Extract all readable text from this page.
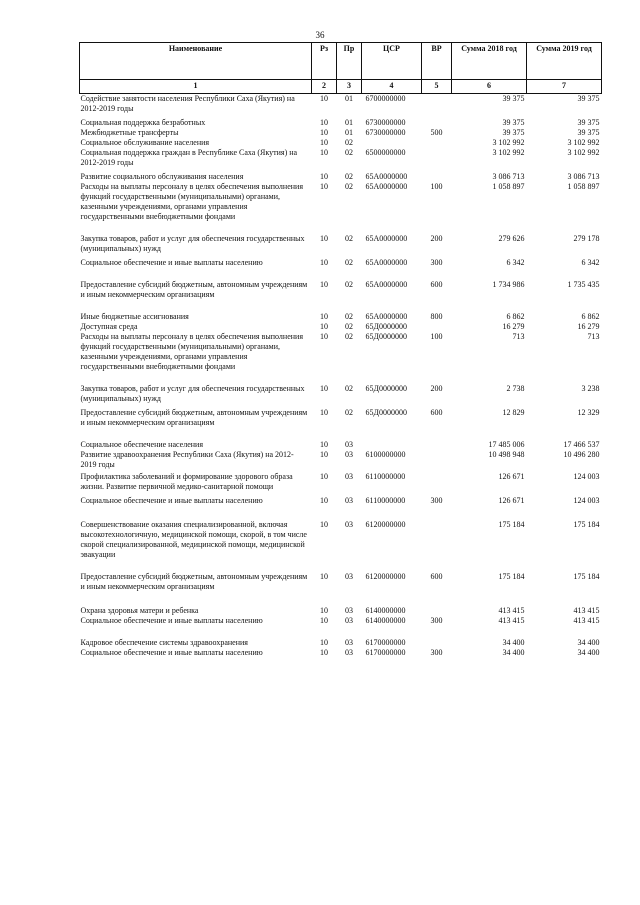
36
Наименование	Рз	Пр	ЦСР	ВР	Сумма 2018 год	Сумма 2019 год
1	2	3	4	5	6	7
Содействие занятости населения Республики Саха (Якутия) на 2012-2019 годы	10	01	6700000000		39 375	39 375
Социальная поддержка безработных	10	01	6730000000		39 375	39 375
Межбюджетные трансферты	10	01	6730000000	500	39 375	39 375
Социальное обслуживание населения	10	02			3 102 992	3 102 992
Социальная поддержка граждан в Республике Саха (Якутия) на 2012-2019 годы	10	02	6500000000		3 102 992	3 102 992
Развитие социального обслуживания населения	10	02	65А0000000		3 086 713	3 086 713
Расходы на выплаты персоналу в целях обеспечения выполнения функций государственными (муниципальными) органами, казенными учреждениями, органами управления государственными внебюджетными фондами	10	02	65А0000000	100	1 058 897	1 058 897
Закупка товаров, работ и услуг для обеспечения государственных (муниципальных) нужд	10	02	65А0000000	200	279 626	279 178
Социальное обеспечение и иные выплаты населению	10	02	65А0000000	300	6 342	6 342
Предоставление субсидий бюджетным, автономным учреждениям и иным некоммерческим организациям	10	02	65А0000000	600	1 734 986	1 735 435
Иные бюджетные ассигнования	10	02	65А0000000	800	6 862	6 862
Доступная среда	10	02	65Д0000000		16 279	16 279
Расходы на выплаты персоналу в целях обеспечения выполнения функций государственными (муниципальными) органами, казенными учреждениями, органами управления государственными внебюджетными фондами	10	02	65Д0000000	100	713	713
Закупка товаров, работ и услуг для обеспечения государственных (муниципальных) нужд	10	02	65Д0000000	200	2 738	3 238
Предоставление субсидий бюджетным, автономным учреждениям и иным некоммерческим организациям	10	02	65Д0000000	600	12 829	12 329
Социальное обеспечение населения	10	03			17 485 006	17 466 537
Развитие здравоохранения Республики Саха (Якутия) на 2012-2019 годы	10	03	6100000000		10 498 948	10 496 280
Профилактика заболеваний и формирование здорового образа жизни. Развитие первичной медико-санитарной помощи	10	03	6110000000		126 671	124 003
Социальное обеспечение и иные выплаты населению	10	03	6110000000	300	126 671	124 003
Совершенствование оказания специализированной, включая высокотехнологичную, медицинской помощи, скорой, в том числе скорой специализированной, медицинской помощи, медицинской эвакуации	10	03	6120000000		175 184	175 184
Предоставление субсидий бюджетным, автономным учреждениям и иным некоммерческим организациям	10	03	6120000000	600	175 184	175 184
Охрана здоровья матери и ребенка	10	03	6140000000		413 415	413 415
Социальное обеспечение и иные выплаты населению	10	03	6140000000	300	413 415	413 415
Кадровое обеспечение системы здравоохранения	10	03	6170000000		34 400	34 400
Социальное обеспечение и иные выплаты населению	10	03	6170000000	300	34 400	34 400
